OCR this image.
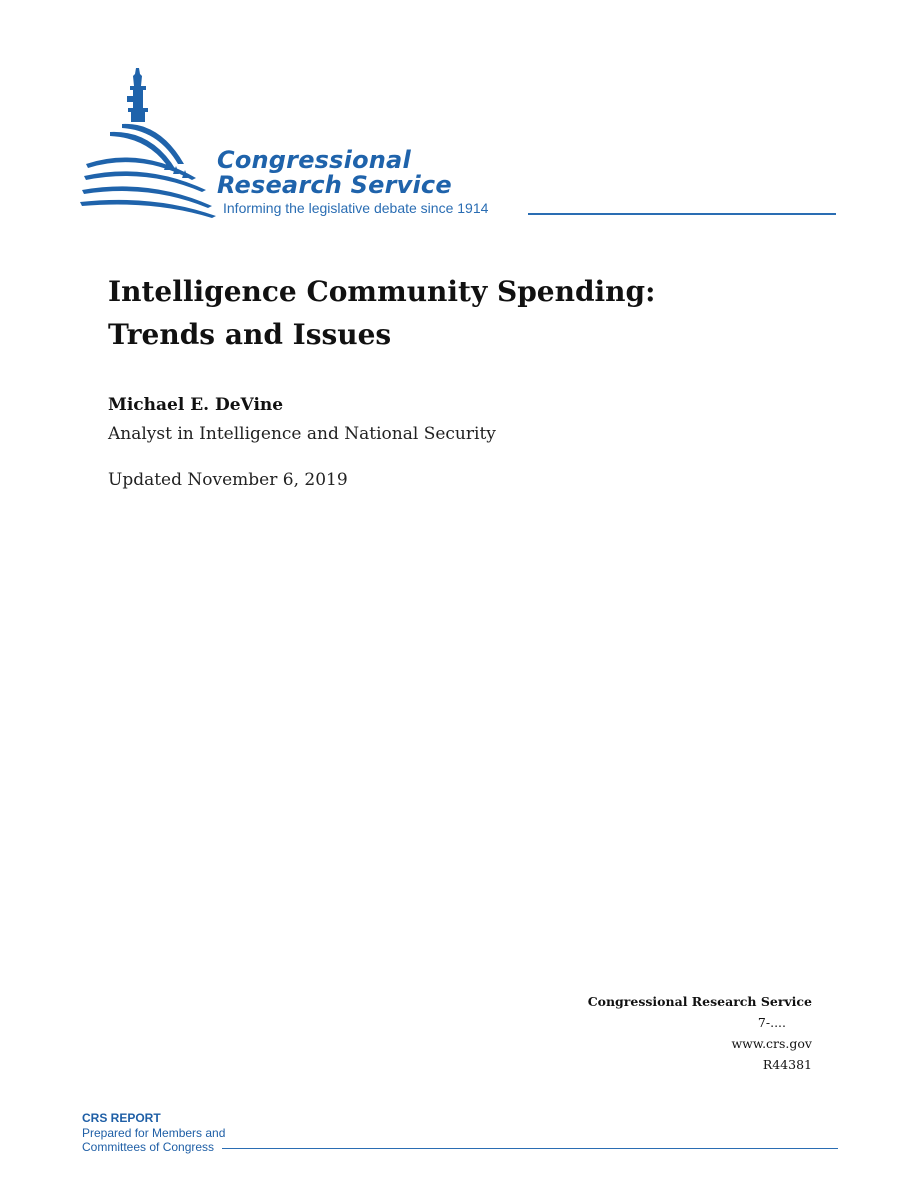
Congressional
Research Service
Informing the legislative debate since 1914
Intelligence Community Spending:
Trends and Issues
Michael E. DeVine
Analyst in Intelligence and National Security
Updated November 6, 2019
Congressional Research Service
7-....
www.crs.gov
R44381
CRS REPORT
Prepared for Members and
Committees of Congress
